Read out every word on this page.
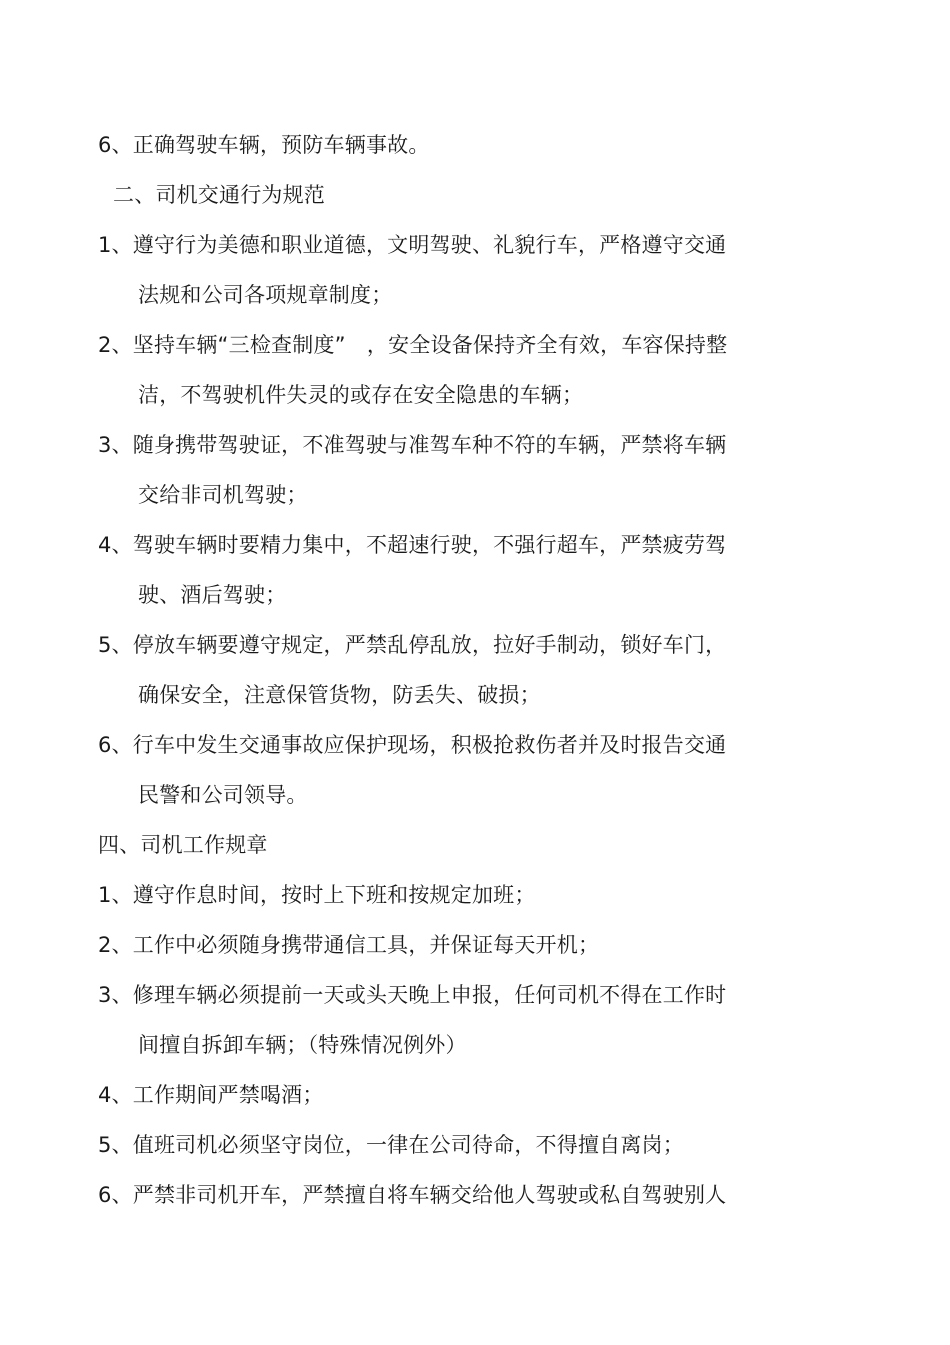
6、正确驾驶车辆，预防车辆事故。
二、司机交通行为规范
1、遵守行为美德和职业道德，文明驾驶、礼貌行车，严格遵守交通
法规和公司各项规章制度；
2、坚持车辆“三检查制度”　，安全设备保持齐全有效，车容保持整
洁，不驾驶机件失灵的或存在安全隐患的车辆；
3、随身携带驾驶证，不准驾驶与准驾车种不符的车辆，严禁将车辆
交给非司机驾驶；
4、驾驶车辆时要精力集中，不超速行驶，不强行超车，严禁疲劳驾
驶、酒后驾驶；
5、停放车辆要遵守规定，严禁乱停乱放，拉好手制动，锁好车门，
确保安全，注意保管货物，防丢失、破损；
6、行车中发生交通事故应保护现场，积极抢救伤者并及时报告交通
民警和公司领导。
四、司机工作规章
1、遵守作息时间，按时上下班和按规定加班；
2、工作中必须随身携带通信工具，并保证每天开机；
3、修理车辆必须提前一天或头天晚上申报，任何司机不得在工作时
间擅自拆卸车辆；（特殊情况例外）
4、工作期间严禁喝酒；
5、值班司机必须坚守岗位，一律在公司待命，不得擅自离岗；
6、严禁非司机开车，严禁擅自将车辆交给他人驾驶或私自驾驶别人
